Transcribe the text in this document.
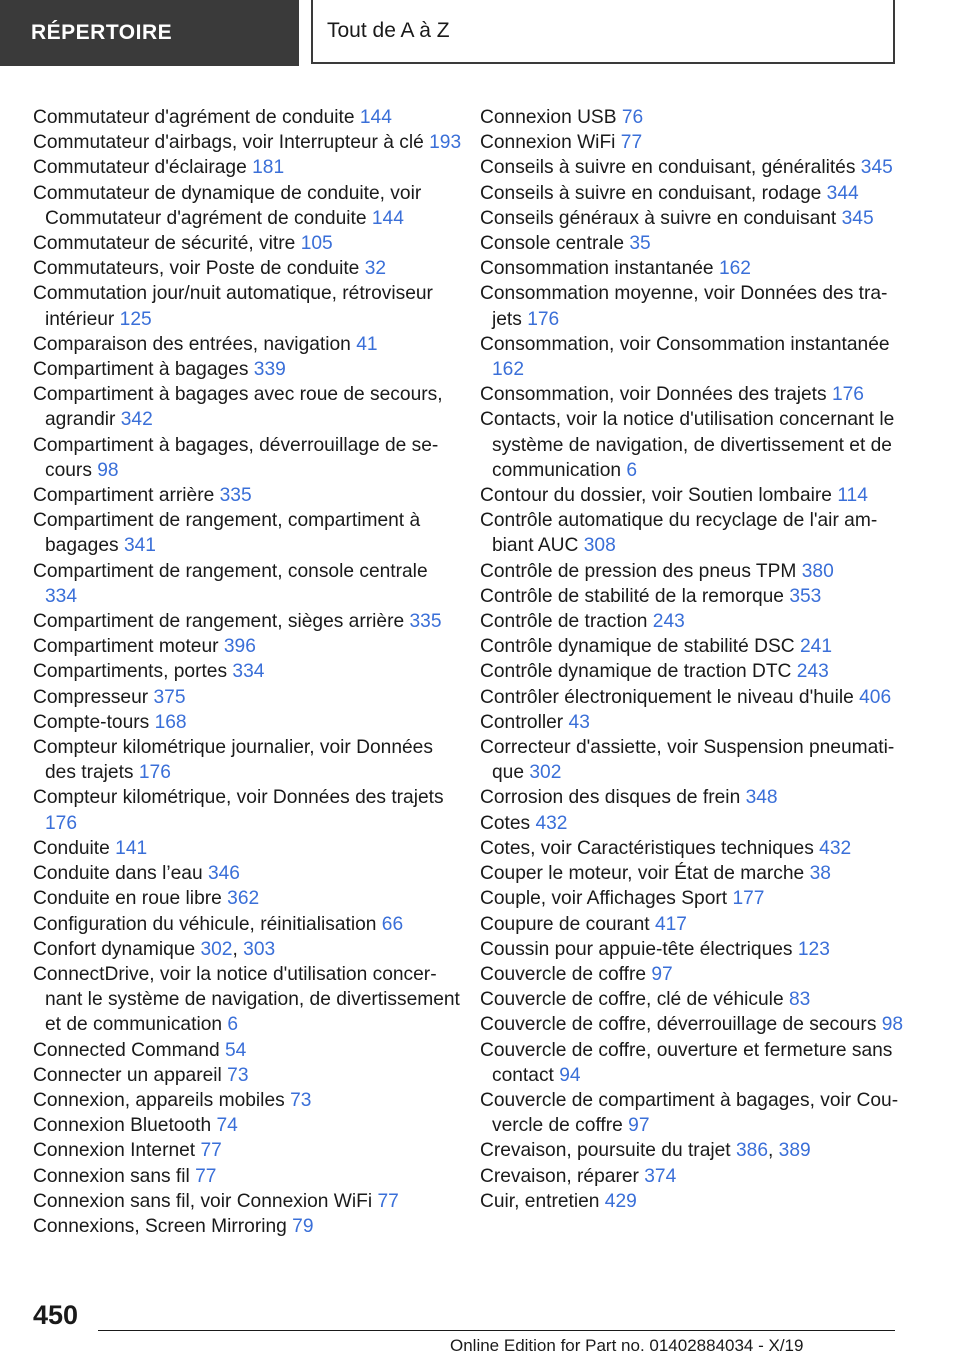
RÉPERTOIRE	Tout de A à Z

Commutateur d'agrément de conduite 144

Commutateur d'airbags, voir Interrupteur à clé 193

Commutateur d'éclairage 181

Commutateur de dynamique de conduite, voir Commutateur d'agrément de conduite 144

Commutateur de sécurité, vitre 105

Commutateurs, voir Poste de conduite 32

Commutation jour/nuit automatique, rétroviseur intérieur 125

Comparaison des entrées, navigation 41

Compartiment à bagages 339

Compartiment à bagages avec roue de secours, agrandir 342

Compartiment à bagages, déverrouillage de secours 98

Compartiment arrière 335

Compartiment de rangement, compartiment à bagages 341

Compartiment de rangement, console centrale 334

Compartiment de rangement, sièges arrière 335

Compartiment moteur 396

Compartiments, portes 334

Compresseur 375

Compte-tours 168

Compteur kilométrique journalier, voir Données des trajets 176

Compteur kilométrique, voir Données des trajets 176

Conduite 141

Conduite dans l’eau 346

Conduite en roue libre 362

Configuration du véhicule, réinitialisation 66

Confort dynamique 302, 303

ConnectDrive, voir la notice d'utilisation concernant le système de navigation, de divertissement et de communication 6

Connected Command 54

Connecter un appareil 73

Connexion, appareils mobiles 73

Connexion Bluetooth 74

Connexion Internet 77

Connexion sans fil 77

Connexion sans fil, voir Connexion WiFi 77

Connexions, Screen Mirroring 79

Connexion USB 76

Connexion WiFi 77

Conseils à suivre en conduisant, généralités 345

Conseils à suivre en conduisant, rodage 344

Conseils généraux à suivre en conduisant 345

Console centrale 35

Consommation instantanée 162

Consommation moyenne, voir Données des trajets 176

Consommation, voir Consommation instantanée 162

Consommation, voir Données des trajets 176

Contacts, voir la notice d'utilisation concernant le système de navigation, de divertissement et de communication 6

Contour du dossier, voir Soutien lombaire 114

Contrôle automatique du recyclage de l'air ambiant AUC 308

Contrôle de pression des pneus TPM 380

Contrôle de stabilité de la remorque 353

Contrôle de traction 243

Contrôle dynamique de stabilité DSC 241

Contrôle dynamique de traction DTC 243

Contrôler électroniquement le niveau d'huile 406

Controller 43

Correcteur d'assiette, voir Suspension pneumatique 302

Corrosion des disques de frein 348

Cotes 432

Cotes, voir Caractéristiques techniques 432

Couper le moteur, voir État de marche 38

Couple, voir Affichages Sport 177

Coupure de courant 417

Coussin pour appuie-tête électriques 123

Couvercle de coffre 97

Couvercle de coffre, clé de véhicule 83

Couvercle de coffre, déverrouillage de secours 98

Couvercle de coffre, ouverture et fermeture sans contact 94

Couvercle de compartiment à bagages, voir Couvercle de coffre 97

Crevaison, poursuite du trajet 386, 389

Crevaison, réparer 374

Cuir, entretien 429

450
Online Edition for Part no. 01402884034 - X/19
